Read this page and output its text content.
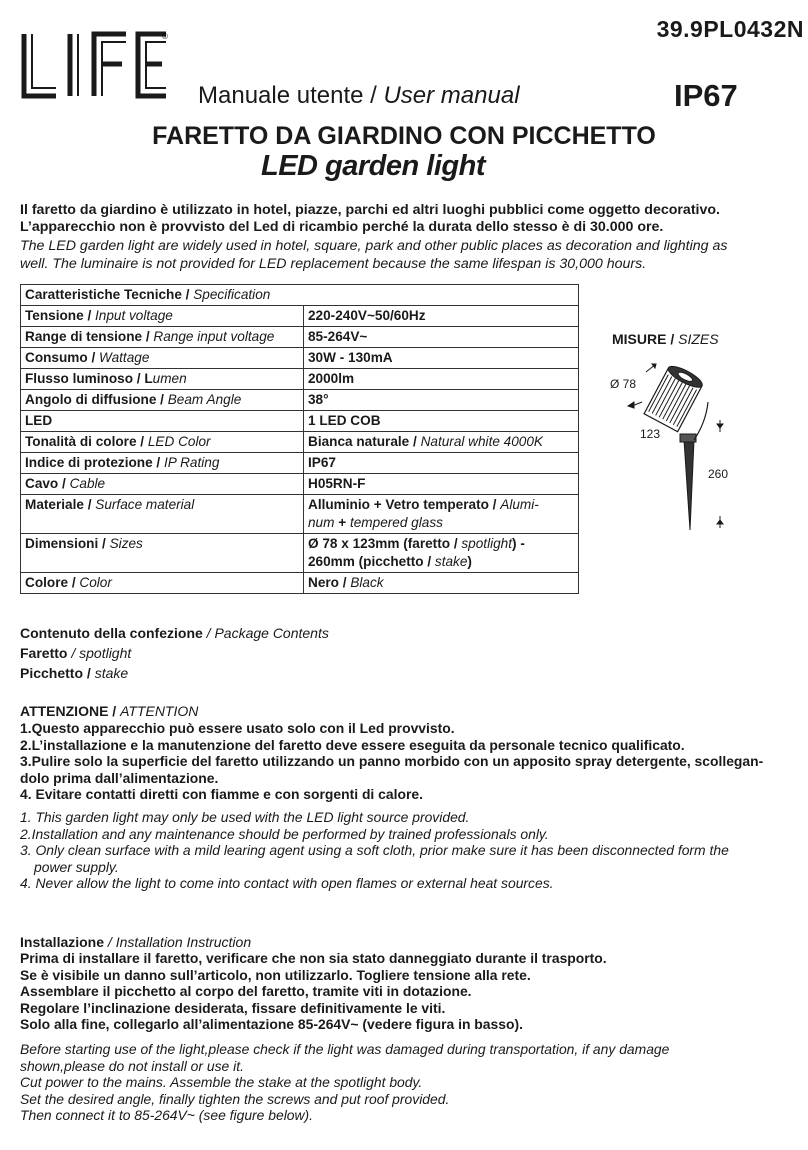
39.9PL0432N
®
Manuale utente / User manual	IP67
FARETTO DA GIARDINO CON PICCHETTO
LED garden light
Il faretto da giardino è utilizzato in hotel, piazze, parchi ed altri luoghi pubblici come oggetto decorativo.
L’apparecchio non è provvisto del Led di ricambio perché la durata dello stesso è di 30.000 ore.
The LED garden light are widely used in hotel, square, park and other public places as decoration and lighting as
well. The luminaire is not provided for LED replacement because the same lifespan is 30,000 hours.
Caratteristiche Tecniche / Specification	
Tensione / Input voltage	220-240V~50/60Hz
Range di tensione / Range input voltage	85-264V~
Consumo / Wattage	30W - 130mA
Flusso luminoso / Lumen	2000lm
Angolo di diffusione / Beam Angle	38°
LED	1 LED COB
Tonalità di colore / LED Color	Bianca naturale / Natural white 4000K
Indice di protezione / IP Rating	IP67
Cavo / Cable	H05RN-F
Materiale / Surface material	Alluminio + Vetro temperato / Alumi-
num + tempered glass
Dimensioni / Sizes	Ø 78 x 123mm (faretto / spotlight) -
260mm (picchetto / stake)
Colore / Color	Nero / Black
MISURE / SIZES
Ø 78
123
260
Contenuto della confezione / Package Contents
Faretto / spotlight
Picchetto / stake
ATTENZIONE / ATTENTION
1.Questo apparecchio può essere usato solo con il Led provvisto.
2.L’installazione e la manutenzione del faretto deve essere eseguita da personale tecnico qualificato.
3.Pulire solo la superficie del faretto utilizzando un panno morbido con un apposito spray detergente, scollegan-
dolo prima dall’alimentazione.
4. Evitare contatti diretti con fiamme e con sorgenti di calore.
1. This garden light may only be used with the LED light source provided.
2.Installation and any maintenance should be performed by trained professionals only.
3. Only clean surface with a mild learing agent using a soft cloth, prior make sure it has been disconnected form the
power supply.
4. Never allow the light to come into contact with open flames or external heat sources.
Installazione / Installation Instruction
Prima di installare il faretto, verificare che non sia stato danneggiato durante il trasporto.
Se è visibile un danno sull’articolo, non utilizzarlo. Togliere tensione alla rete.
Assemblare il picchetto al corpo del faretto, tramite viti in dotazione.
Regolare l’inclinazione desiderata, fissare definitivamente le viti.
Solo alla fine, collegarlo all’alimentazione 85-264V~ (vedere figura in basso).
Before starting use of the light,please check if the light was damaged during transportation, if any damage
shown,please do not install or use it.
Cut power to the mains. Assemble the stake at the spotlight body.
Set the desired angle, finally tighten the screws and put roof provided.
Then connect it to 85-264V~ (see figure below).
